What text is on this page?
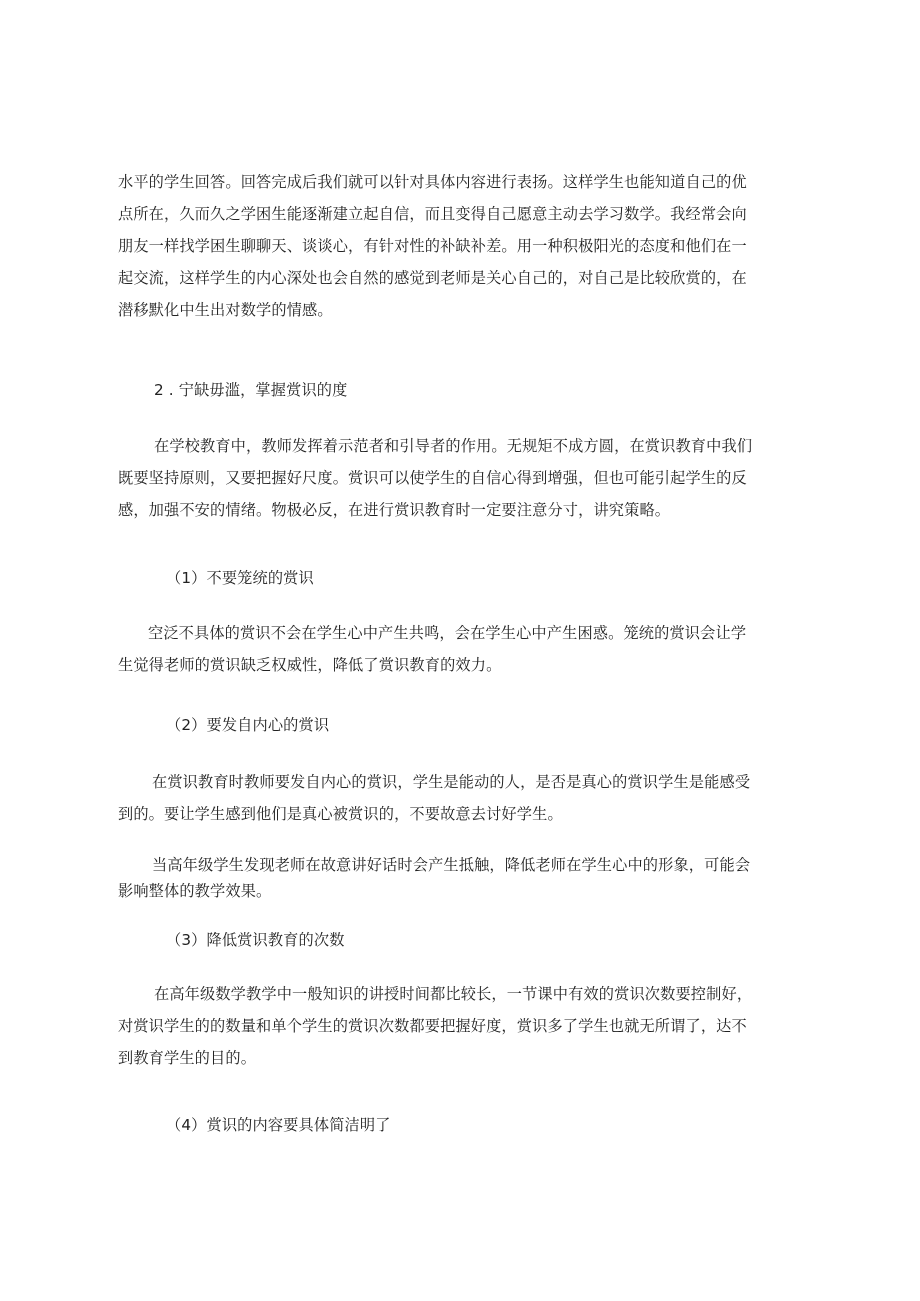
水平的学生回答。回答完成后我们就可以针对具体内容进行表扬。这样学生也能知道自己的优
点所在，久而久之学困生能逐渐建立起自信，而且变得自己愿意主动去学习数学。我经常会向
朋友一样找学困生聊聊天、谈谈心，有针对性的补缺补差。用一种积极阳光的态度和他们在一
起交流，这样学生的内心深处也会自然的感觉到老师是关心自己的，对自己是比较欣赏的，在
潜移默化中生出对数学的情感。

2 . 宁缺毋滥，掌握赏识的度

在学校教育中，教师发挥着示范者和引导者的作用。无规矩不成方圆，在赏识教育中我们
既要坚持原则，又要把握好尺度。赏识可以使学生的自信心得到增强，但也可能引起学生的反
感，加强不安的情绪。物极必反，在进行赏识教育时一定要注意分寸，讲究策略。

（1）不要笼统的赏识

空泛不具体的赏识不会在学生心中产生共鸣，会在学生心中产生困惑。笼统的赏识会让学
生觉得老师的赏识缺乏权威性，降低了赏识教育的效力。

（2）要发自内心的赏识

在赏识教育时教师要发自内心的赏识，学生是能动的人，是否是真心的赏识学生是能感受
到的。要让学生感到他们是真心被赏识的，不要故意去讨好学生。

当高年级学生发现老师在故意讲好话时会产生抵触，降低老师在学生心中的形象，可能会
影响整体的教学效果。

（3）降低赏识教育的次数

在高年级数学教学中一般知识的讲授时间都比较长，一节课中有效的赏识次数要控制好，
对赏识学生的的数量和单个学生的赏识次数都要把握好度，赏识多了学生也就无所谓了，达不
到教育学生的目的。

（4）赏识的内容要具体简洁明了
